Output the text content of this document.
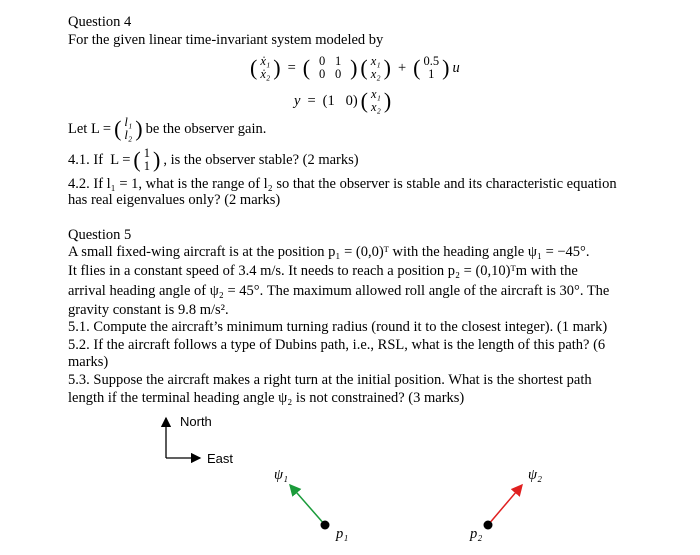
Question 4
For the given linear time-invariant system modeled by
( ẋ₁
ẋ₂ ) = ( 0 1
0 0 ) ( x₁
x₂ ) + ( 0.5
1 ) u
y = (1   0) ( x₁
x₂ )
Let L = ( l₁
l₂ ) be the observer gain.
4.1. If  L = ( 1
1 ) , is the observer stable? (2 marks)
4.2. If l₁ = 1, what is the range of l₂ so that the observer is stable and its characteristic equation
has real eigenvalues only? (2 marks)
Question 5
A small fixed-wing aircraft is at the position p₁ = (0,0)ᵀ with the heading angle ψ₁ = −45°.
It flies in a constant speed of 3.4 m/s. It needs to reach a position p₂ = (0,10)ᵀm with the
arrival heading angle of ψ₂ = 45°. The maximum allowed roll angle of the aircraft is 30°. The
gravity constant is 9.8 m/s².
5.1. Compute the aircraft’s minimum turning radius (round it to the closest integer). (1 mark)
5.2. If the aircraft follows a type of Dubins path, i.e., RSL, what is the length of this path? (6
marks)
5.3. Suppose the aircraft makes a right turn at the initial position. What is the shortest path
length if the terminal heading angle ψ₂ is not constrained? (3 marks)
North
East
ψ₁	ψ₂
p₁	p₂
